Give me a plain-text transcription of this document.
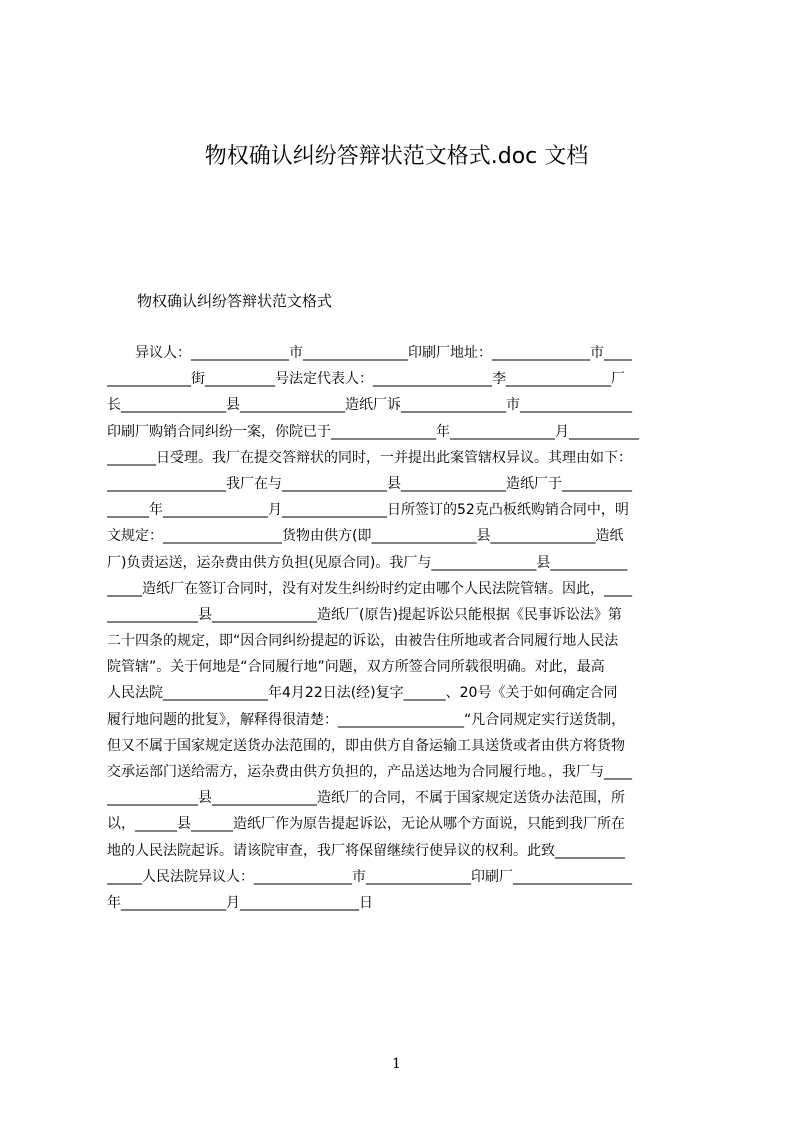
物权确认纠纷答辩状范文格式.doc 文档
物权确认纠纷答辩状范文格式
　　异议人：______________市_______________印刷厂地址：______________市____
____________街__________号法定代表人：_________________李_______________厂
长_______________县_______________造纸厂诉_______________市________________
印刷厂购销合同纠纷一案，你院已于_______________年_______________月__________
_______日受理。我厂在提交答辩状的同时，一并提出此案管辖权异议。其理由如下：
_________________我厂在与_______________县_______________造纸厂于__________
______年_______________月_______________日所签订的52克凸板纸购销合同中，明
文规定：_________________货物由供方(即_______________县_______________造纸
厂)负责运送，运杂费由供方负担(见原合同)。我厂与_______________县___________
_____造纸厂在签订合同时，没有对发生纠纷时约定由哪个人民法院管辖。因此，____
_____________县_______________造纸厂(原告)提起诉讼只能根据《民事诉讼法》第
二十四条的规定，即“因合同纠纷提起的诉讼，由被告住所地或者合同履行地人民法
院管辖”。关于何地是“合同履行地”问题，双方所签合同所载很明确。对此，最高
人民法院_______________年4月22日法(经)复字______、20号《关于如何确定合同
履行地问题的批复》，解释得很清楚：__________________“凡合同规定实行送货制，
但又不属于国家规定送货办法范围的，即由供方自备运输工具送货或者由供方将货物
交承运部门送给需方，运杂费由供方负担的，产品送达地为合同履行地。，我厂与____
_____________县_______________造纸厂的合同，不属于国家规定送货办法范围，所
以，______县______造纸厂作为原告提起诉讼，无论从哪个方面说，只能到我厂所在
地的人民法院起诉。请该院审查，我厂将保留继续行使异议的权利。此致__________
_____人民法院异议人：______________市_______________印刷厂_________________
年_______________月_________________日
1
